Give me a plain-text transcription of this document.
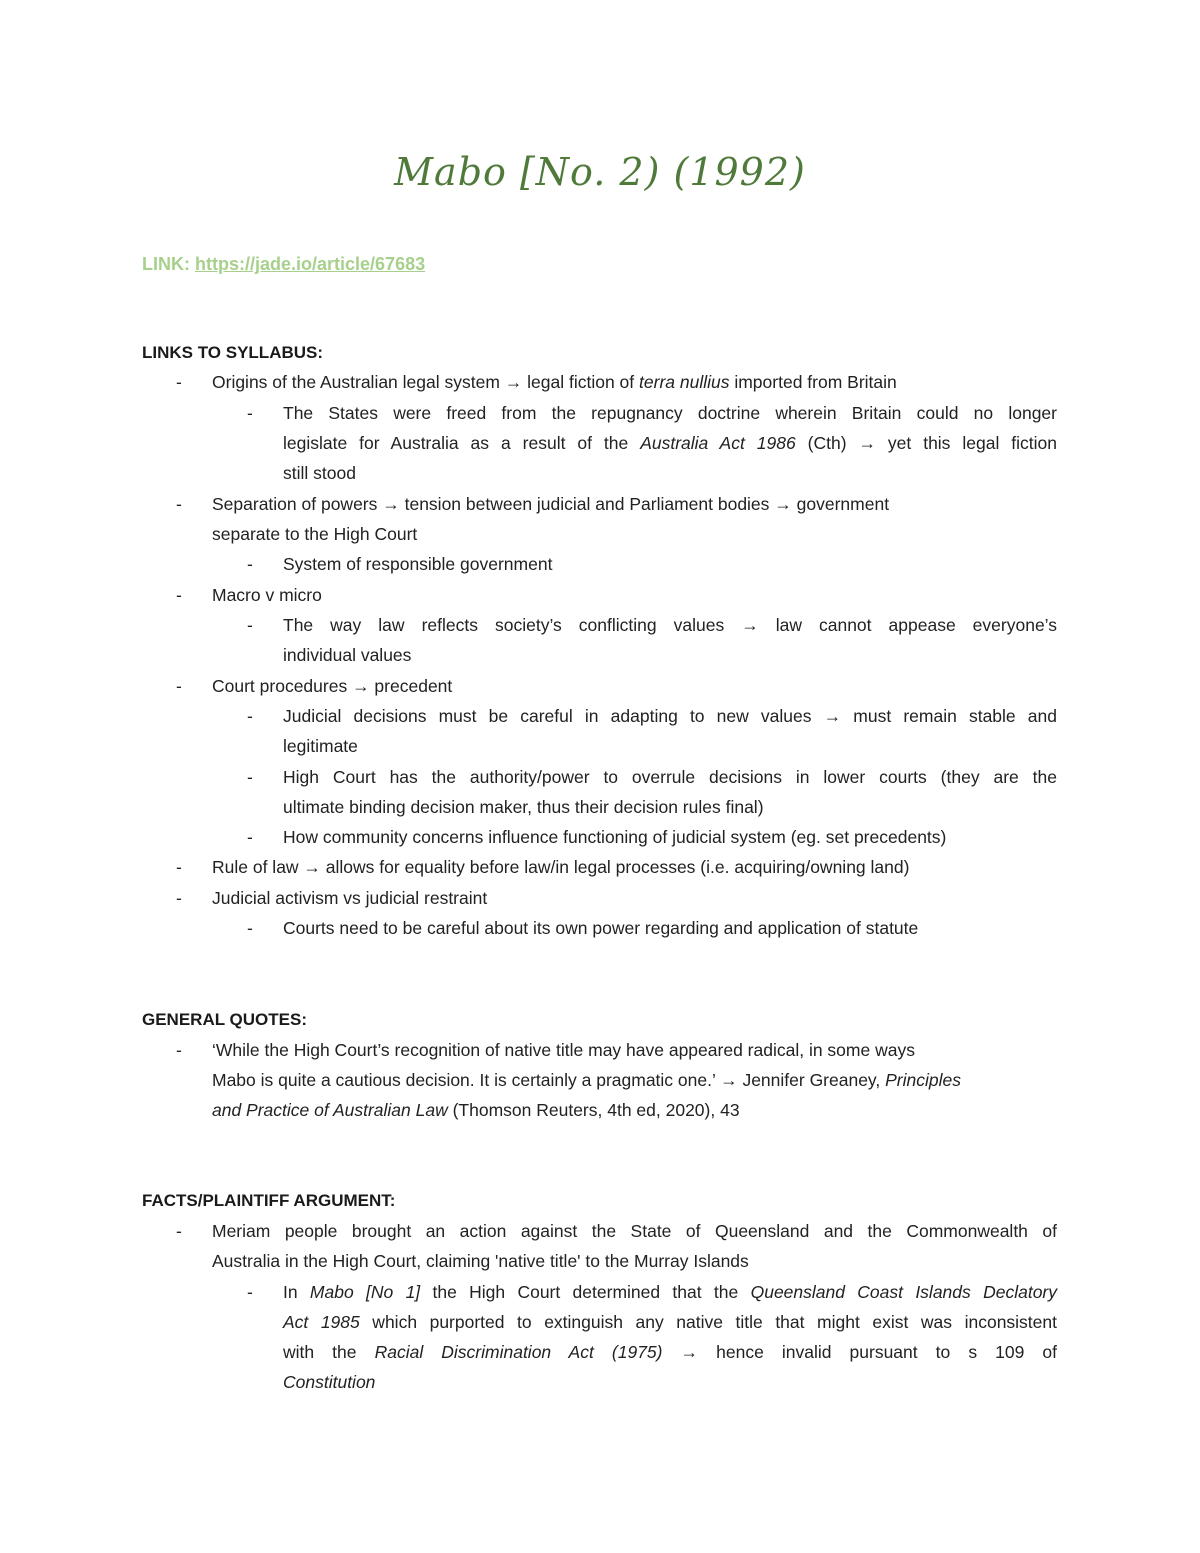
Mabo [No. 2) (1992)
LINK: https://jade.io/article/67683
LINKS TO SYLLABUS:
- Origins of the Australian legal system → legal fiction of terra nullius imported from Britain
- The States were freed from the repugnancy doctrine wherein Britain could no longer
legislate for Australia as a result of the Australia Act 1986 (Cth) → yet this legal fiction
still stood
- Separation of powers → tension between judicial and Parliament bodies → government
separate to the High Court
- System of responsible government
- Macro v micro
- The way law reflects society’s conflicting values → law cannot appease everyone’s
individual values
- Court procedures → precedent
- Judicial decisions must be careful in adapting to new values → must remain stable and
legitimate
- High Court has the authority/power to overrule decisions in lower courts (they are the
ultimate binding decision maker, thus their decision rules final)
- How community concerns influence functioning of judicial system (eg. set precedents)
- Rule of law → allows for equality before law/in legal processes (i.e. acquiring/owning land)
- Judicial activism vs judicial restraint
- Courts need to be careful about its own power regarding and application of statute
GENERAL QUOTES:
- ‘While the High Court’s recognition of native title may have appeared radical, in some ways
Mabo is quite a cautious decision. It is certainly a pragmatic one.’ → Jennifer Greaney, Principles
and Practice of Australian Law (Thomson Reuters, 4th ed, 2020), 43
FACTS/PLAINTIFF ARGUMENT:
- Meriam people brought an action against the State of Queensland and the Commonwealth of
Australia in the High Court, claiming 'native title' to the Murray Islands
- In Mabo [No 1] the High Court determined that the Queensland Coast Islands Declatory
Act 1985 which purported to extinguish any native title that might exist was inconsistent
with the Racial Discrimination Act (1975) → hence invalid pursuant to s 109 of
Constitution
